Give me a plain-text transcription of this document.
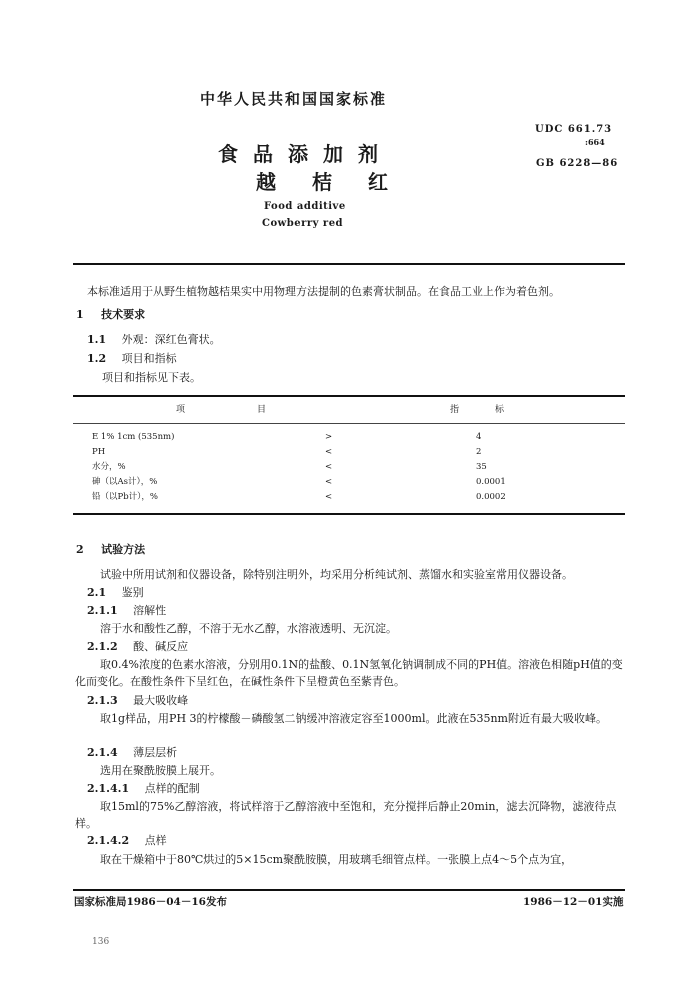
中华人民共和国国家标准
食品添加剂
越桔红
Food additive
Cowberry red
UDC 661.73
:664
GB 6228—86
本标准适用于从野生植物越桔果实中用物理方法提制的色素膏状制品。在食品工业上作为着色剂。
1 技术要求
1.1 外观：深红色膏状。
1.2 项目和指标
项目和指标见下表。
项　　　　　　　　目	指　　　　标
E 1% 1cm (535nm)	>	4
PH	<	2
水分，%	<	35
砷（以As计），%	<	0.0001
铅（以Pb计），%	<	0.0002
2 试验方法
试验中所用试剂和仪器设备，除特别注明外，均采用分析纯试剂、蒸馏水和实验室常用仪器设备。
2.1 鉴别
2.1.1 溶解性
溶于水和酸性乙醇，不溶于无水乙醇，水溶液透明、无沉淀。
2.1.2 酸、碱反应
取0.4%浓度的色素水溶液，分别用0.1N的盐酸、0.1N氢氧化钠调制成不同的PH值。溶液色相随pH值的变化而变化。在酸性条件下呈红色，在碱性条件下呈橙黄色至紫青色。
2.1.3 最大吸收峰
取1g样品，用PH 3的柠檬酸－磷酸氢二钠缓冲溶液定容至1000ml。此液在535nm附近有最大吸收峰。
2.1.4 薄层层析
选用在聚酰胺膜上展开。
2.1.4.1 点样的配制
取15ml的75%乙醇溶液，将试样溶于乙醇溶液中至饱和，充分搅拌后静止20min，滤去沉降物，滤液待点样。
2.1.4.2 点样
取在干燥箱中于80℃烘过的5×15cm聚酰胺膜，用玻璃毛细管点样。一张膜上点4～5个点为宜，
国家标准局1986－04－16发布	1986－12－01实施
136
